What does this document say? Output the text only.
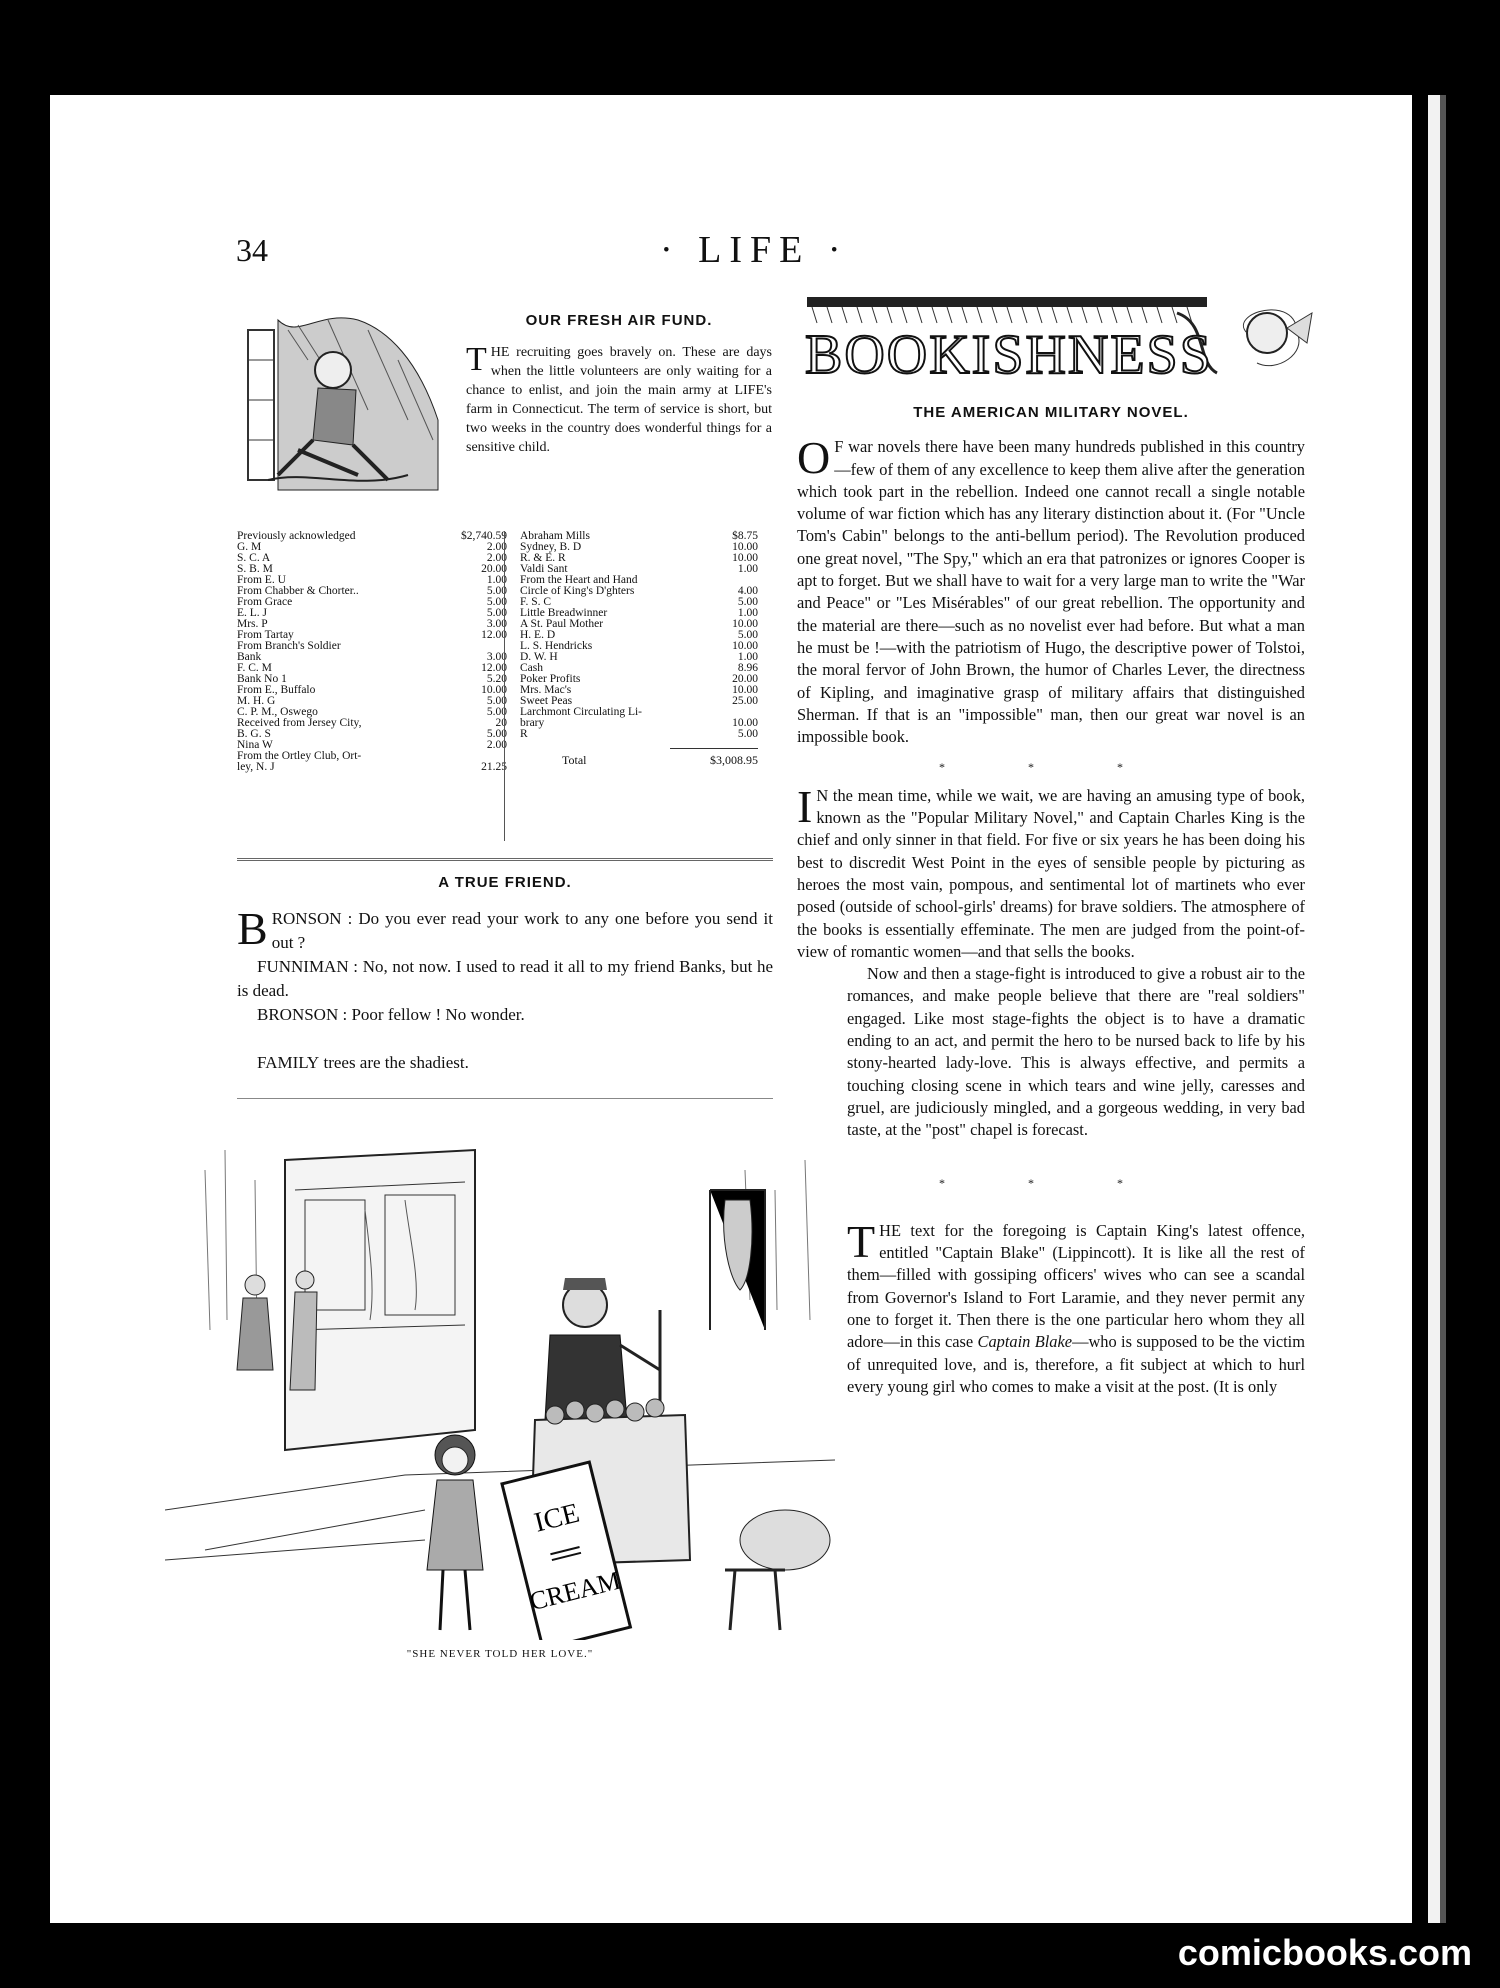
34	· LIFE ·
OUR FRESH AIR FUND.

THE recruiting goes bravely on. These are days when the little volunteers are only waiting for a chance to enlist, and join the main army at LIFE's farm in Connecticut. The term of service is short, but two weeks in the country does wonderful things for a sensitive child.

Previously acknowledged	$2,740.59
G. M	2.00
S. C. A	2.00
S. B. M	20.00
From E. U	1.00
From Chabber & Chorter..	5.00
From Grace	5.00
E. L. J	5.00
Mrs. P	3.00
From Tartay	12.00
From Branch's Soldier	
Bank	3.00
F. C. M	12.00
Bank No 1	5.20
From E., Buffalo	10.00
M. H. G	5.00
C. P. M., Oswego	5.00
Received from Jersey City,	20
B. G. S	5.00
Nina W	2.00
From the Ortley Club, Ort-	
ley, N. J	21.25
Abraham Mills	$8.75
Sydney, B. D	10.00
R. & E. R	10.00
Valdi Sant	1.00
From the Heart and Hand	
Circle of King's D'ghters	4.00
F. S. C	5.00
Little Breadwinner	1.00
A St. Paul Mother	10.00
H. E. D	5.00
L. S. Hendricks	10.00
D. W. H	1.00
Cash	8.96
Poker Profits	20.00
Mrs. Mac's	10.00
Sweet Peas	25.00
Larchmont Circulating Li-	
brary	10.00
R	5.00
Total	$3,008.95
A TRUE FRIEND.

BRONSON : Do you ever read your work to any one before you send it out ?

FUNNIMAN : No, not now. I used to read it all to my friend Banks, but he is dead.

BRONSON : Poor fellow ! No wonder.

FAMILY trees are the shadiest.

ICE
CREAM
"SHE NEVER TOLD HER LOVE."
BOOKISHNESS
THE AMERICAN MILITARY NOVEL.

O F war novels there have been many hundreds published in this country—few of them of any excellence to keep them alive after the generation which took part in the rebellion. Indeed one cannot recall a single notable volume of war fiction which has any literary distinction about it. (For "Uncle Tom's Cabin" belongs to the anti-bellum period). The Revolution produced one great novel, "The Spy," which an era that patronizes or ignores Cooper is apt to forget. But we shall have to wait for a very large man to write the "War and Peace" or "Les Misérables" of our great rebellion. The opportunity and the material are there—such as no novelist ever had before. But what a man he must be !—with the patriotism of Hugo, the descriptive power of Tolstoi, the moral fervor of John Brown, the humor of Charles Lever, the directness of Kipling, and imaginative grasp of military affairs that distinguished Sherman. If that is an "impossible" man, then our great war novel is an impossible book.

* * *

I N the mean time, while we wait, we are having an amusing type of book, known as the "Popular Military Novel," and Captain Charles King is the chief and only sinner in that field. For five or six years he has been doing his best to discredit West Point in the eyes of sensible people by picturing as heroes the most vain, pompous, and sentimental lot of martinets who ever posed (outside of school-girls' dreams) for brave soldiers. The atmosphere of the books is essentially effeminate. The men are judged from the point-of-view of romantic women—and that sells the books.

Now and then a stage-fight is introduced to give a robust air to the romances, and make people believe that there are "real soldiers" engaged. Like most stage-fights the object is to have a dramatic ending to an act, and permit the hero to be nursed back to life by his stony-hearted lady-love. This is always effective, and permits a touching closing scene in which tears and wine jelly, caresses and gruel, are judiciously mingled, and a gorgeous wedding, in very bad taste, at the "post" chapel is forecast.

* * *

THE text for the foregoing is Captain King's latest offence, entitled "Captain Blake" (Lippincott). It is like all the rest of them—filled with gossiping officers' wives who can see a scandal from Governor's Island to Fort Laramie, and they never permit any one to forget it. Then there is the one particular hero whom they all adore—in this case Captain Blake—who is supposed to be the victim of unrequited love, and is, therefore, a fit subject at which to hurl every young girl who comes to make a visit at the post. (It is only

comicbooks.com
